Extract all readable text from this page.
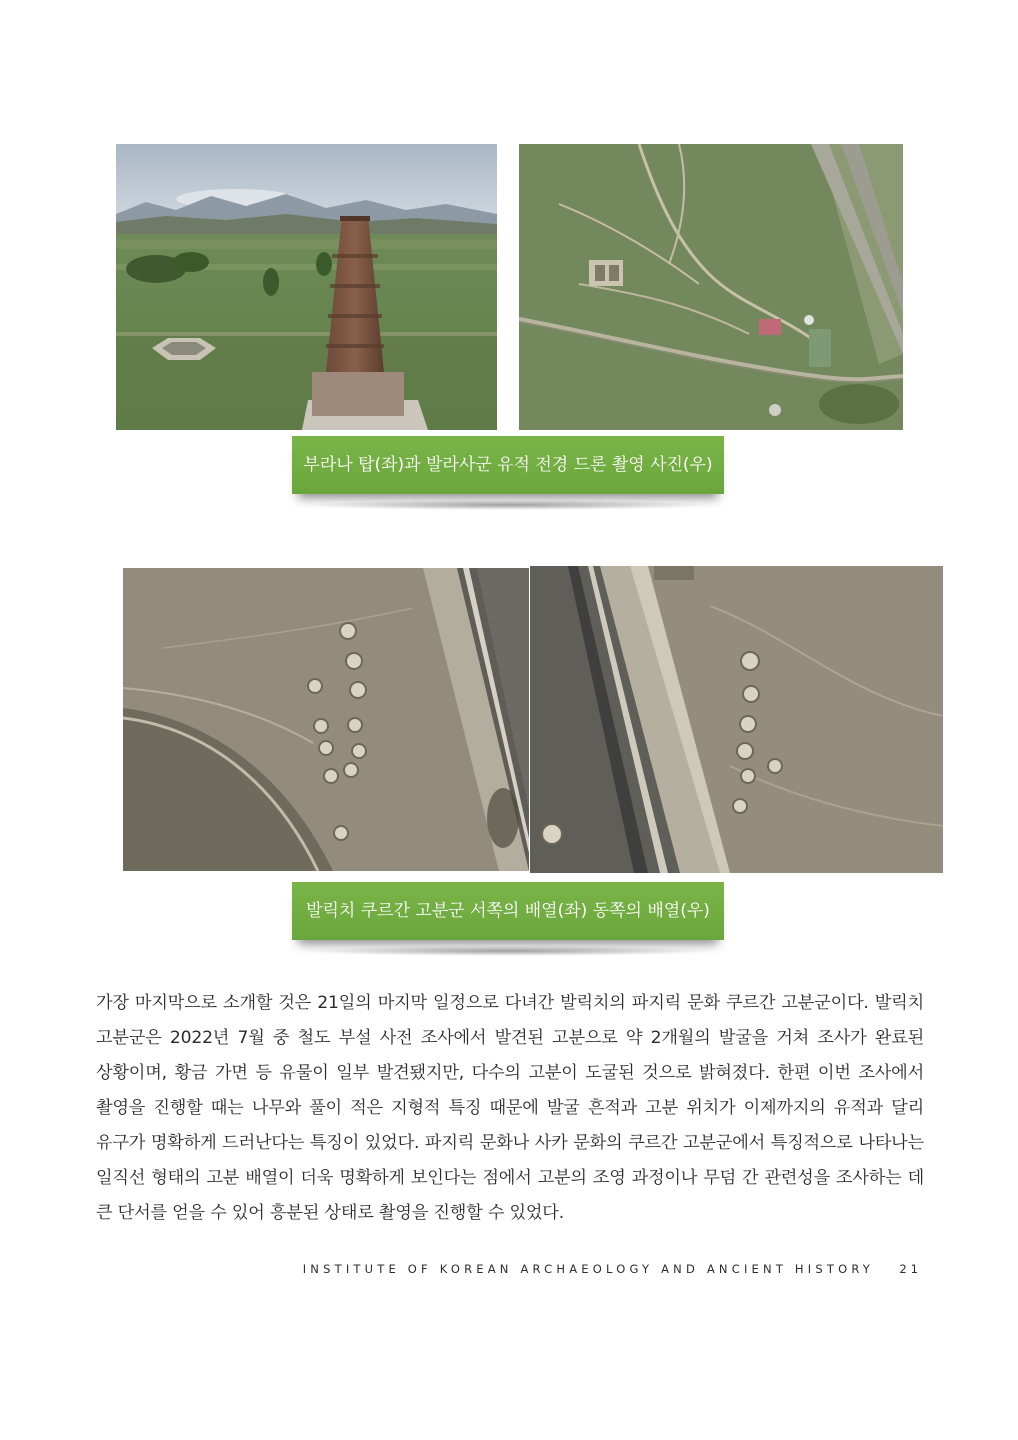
부라나 탑(좌)과 발라사군 유적 전경 드론 촬영 사진(우)
발릭치 쿠르간 고분군 서쪽의 배열(좌) 동쪽의 배열(우)
가장 마지막으로 소개할 것은 21일의 마지막 일정으로 다녀간 발릭치의 파지릭 문화 쿠르간 고분군이다. 발릭치 고분군은 2022년 7월 중 철도 부설 사전 조사에서 발견된 고분으로 약 2개월의 발굴을 거쳐 조사가 완료된 상황이며, 황금 가면 등 유물이 일부 발견됐지만, 다수의 고분이 도굴된 것으로 밝혀졌다. 한편 이번 조사에서 촬영을 진행할 때는 나무와 풀이 적은 지형적 특징 때문에 발굴 흔적과 고분 위치가 이제까지의 유적과 달리 유구가 명확하게 드러난다는 특징이 있었다. 파지릭 문화나 사카 문화의 쿠르간 고분군에서 특징적으로 나타나는 일직선 형태의 고분 배열이 더욱 명확하게 보인다는 점에서 고분의 조영 과정이나 무덤 간 관련성을 조사하는 데 큰 단서를 얻을 수 있어 흥분된 상태로 촬영을 진행할 수 있었다.
INSTITUTE OF KOREAN ARCHAEOLOGY AND ANCIENT HISTORY 21
